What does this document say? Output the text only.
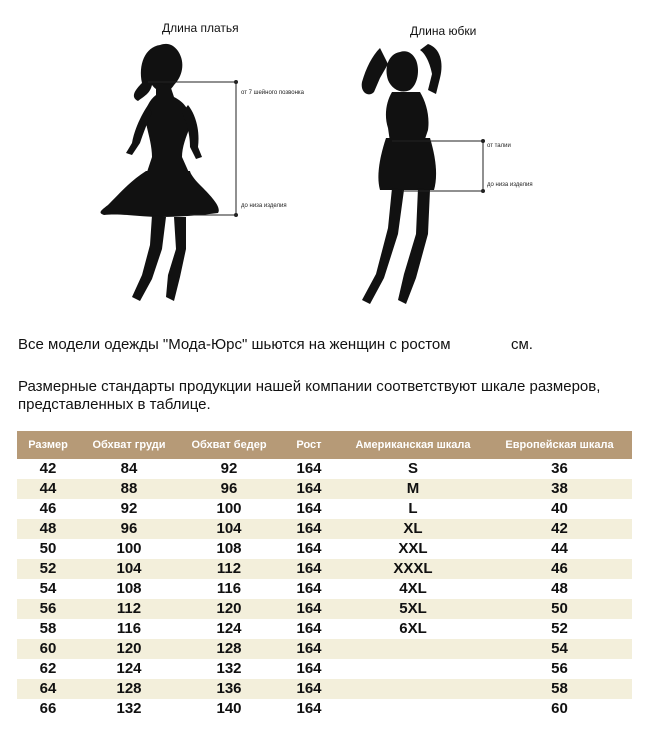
Длина платья
от 7 шейного позвонка
до низа изделия
Длина юбки
от талии
до низа изделия
Все модели одежды "Мода-Юрс" шьются на женщин с ростом	см.
Размерные стандарты продукции нашей компании соответствуют шкале размеров, представленных в таблице.
Размер	Обхват груди	Обхват бедер	Рост	Американская шкала	Европейская шкала
42	84	92	164	S	36
44	88	96	164	M	38
46	92	100	164	L	40
48	96	104	164	XL	42
50	100	108	164	XXL	44
52	104	112	164	XXXL	46
54	108	116	164	4XL	48
56	112	120	164	5XL	50
58	116	124	164	6XL	52
60	120	128	164		54
62	124	132	164		56
64	128	136	164		58
66	132	140	164		60
